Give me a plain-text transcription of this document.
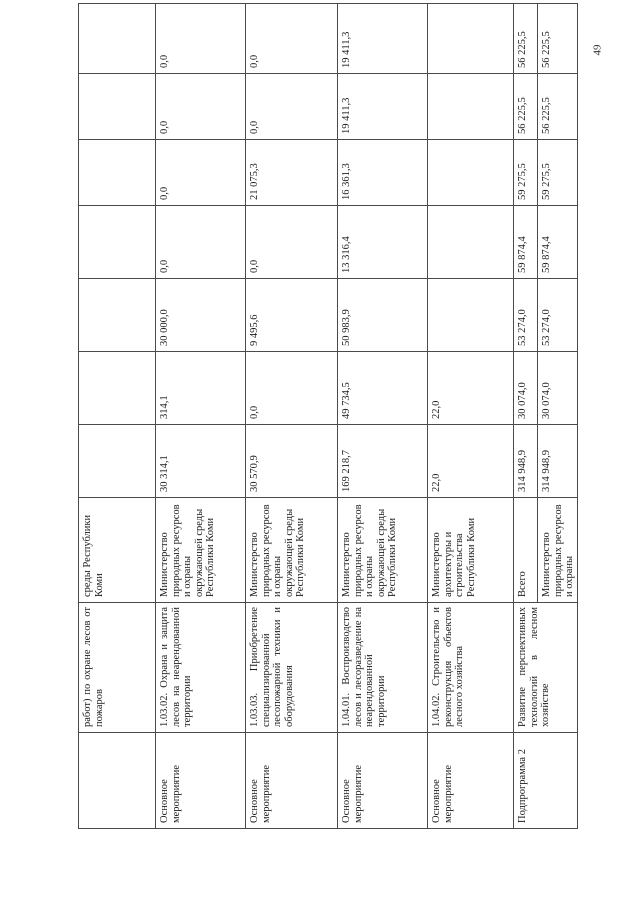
49
	работ) по охране лесов от пожаров	среды Республики Коми							
Основное мероприятие	1.03.02. Охрана и защита лесов на неарендованной территории	Министерство природных ресурсов и охраны окружающей среды Республики Коми	30 314,1	314,1	30 000,0	0,0	0,0	0,0	0,0
Основное мероприятие	1.03.03. Приобретение специализированной лесопожарной техники и оборудования	Министерство природных ресурсов и охраны окружающей среды Республики Коми	30 570,9	0,0	9 495,6	0,0	21 075,3	0,0	0,0
Основное мероприятие	1.04.01. Воспроизводство лесов и лесоразведение на неарендованной территории	Министерство природных ресурсов и охраны окружающей среды Республики Коми	169 218,7	49 734,5	50 983,9	13 316,4	16 361,3	19 411,3	19 411,3
Основное мероприятие	1.04.02. Строительство и реконструкция объектов лесного хозяйства	Министерство архитектуры и строительства Республики Коми	22,0	22,0					
Подпрограмма 2	Развитие перспективных технологий в лесном хозяйстве	Всего	314 948,9	30 074,0	53 274,0	59 874,4	59 275,5	56 225,5	56 225,5
		Министерство природных ресурсов и охраны	314 948,9	30 074,0	53 274,0	59 874,4	59 275,5	56 225,5	56 225,5
